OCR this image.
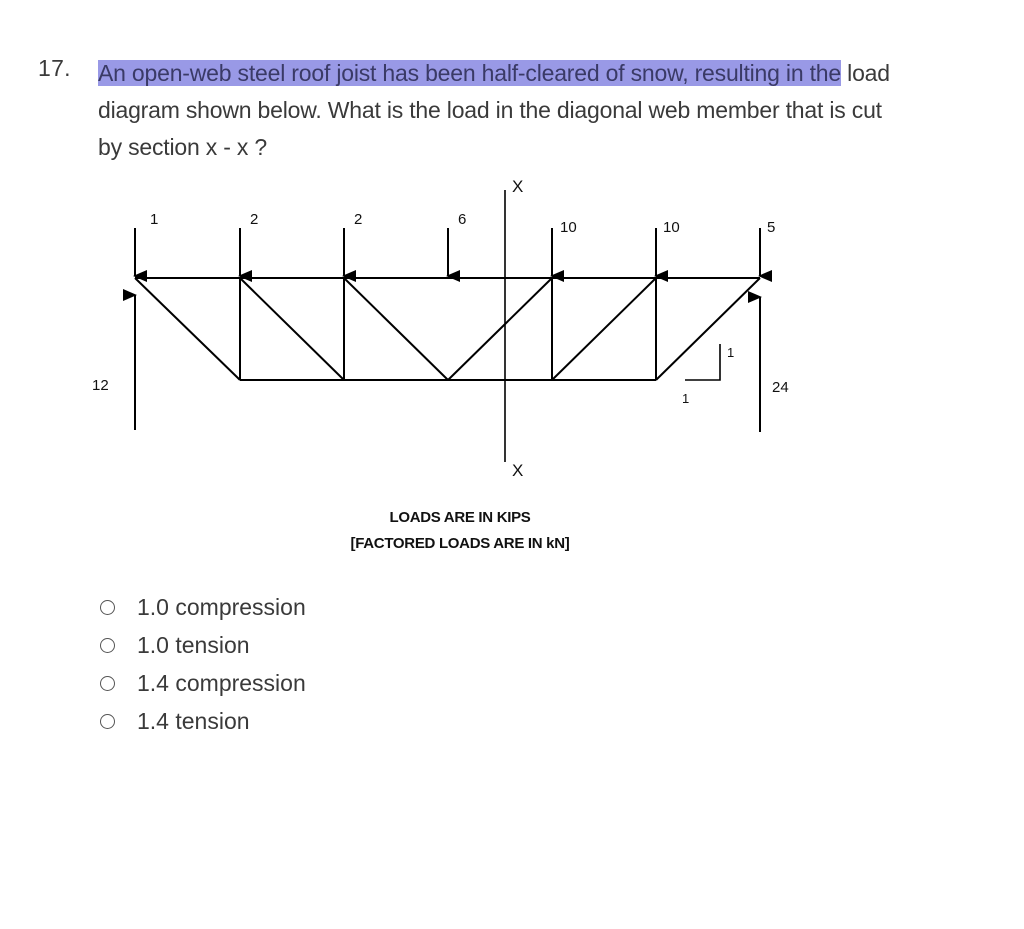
17. An open-web steel roof joist has been half-cleared of snow, resulting in the load
diagram shown below. What is the load in the diagonal web member that is cut
by section x - x ?
X
X
1	2	2	6	10	10	5
12	24
1
1
LOADS ARE IN KIPS
[FACTORED LOADS ARE IN kN]
1.0 compression
1.0 tension
1.4 compression
1.4 tension
